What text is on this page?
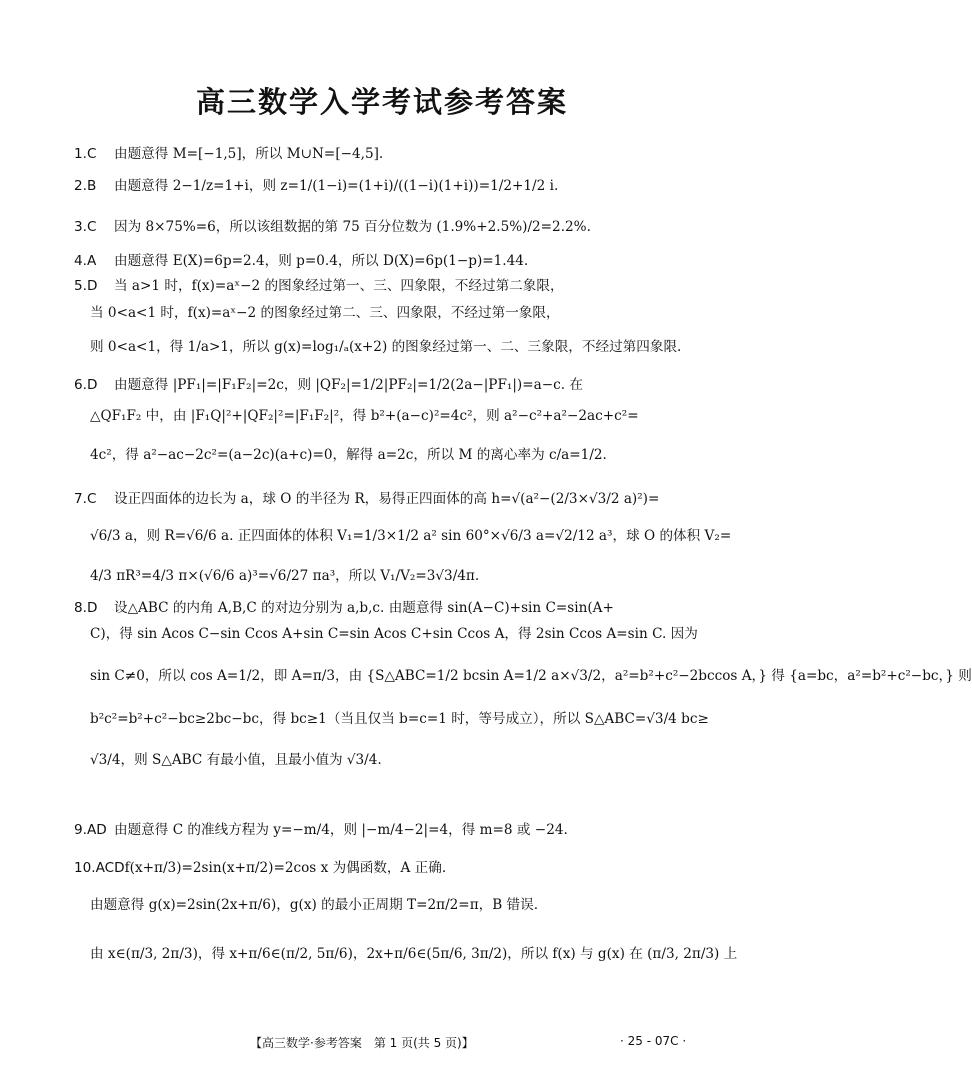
高三数学入学考试参考答案
1.C 由题意得 M=[−1,5]，所以 M∪N=[−4,5].
2.B 由题意得 2−1/z=1+i，则 z=1/(1−i)=(1+i)/((1−i)(1+i))=1/2+1/2 i.
3.C 因为 8×75%=6，所以该组数据的第 75 百分位数为 (1.9%+2.5%)/2=2.2%.
4.A 由题意得 E(X)=6p=2.4，则 p=0.4，所以 D(X)=6p(1−p)=1.44.
5.D 当 a>1 时，f(x)=aˣ−2 的图象经过第一、三、四象限，不经过第二象限，
当 0<a<1 时，f(x)=aˣ−2 的图象经过第二、三、四象限，不经过第一象限，
则 0<a<1，得 1/a>1，所以 g(x)=log₁/ₐ(x+2) 的图象经过第一、二、三象限，不经过第四象限.
6.D 由题意得 |PF₁|=|F₁F₂|=2c，则 |QF₂|=1/2|PF₂|=1/2(2a−|PF₁|)=a−c. 在
△QF₁F₂ 中，由 |F₁Q|²+|QF₂|²=|F₁F₂|²，得 b²+(a−c)²=4c²，则 a²−c²+a²−2ac+c²=
4c²，得 a²−ac−2c²=(a−2c)(a+c)=0，解得 a=2c，所以 M 的离心率为 c/a=1/2.
7.C 设正四面体的边长为 a，球 O 的半径为 R，易得正四面体的高 h=√(a²−(2/3×√3/2 a)²)=
√6/3 a，则 R=√6/6 a. 正四面体的体积 V₁=1/3×1/2 a² sin 60°×√6/3 a=√2/12 a³，球 O 的体积 V₂=
4/3 πR³=4/3 π×(√6/6 a)³=√6/27 πa³，所以 V₁/V₂=3√3/4π.
8.D 设△ABC 的内角 A,B,C 的对边分别为 a,b,c. 由题意得 sin(A−C)+sin C=sin(A+
C)，得 sin Acos C−sin Ccos A+sin C=sin Acos C+sin Ccos A，得 2sin Ccos A=sin C. 因为
sin C≠0，所以 cos A=1/2，即 A=π/3，由 {S△ABC=1/2 bcsin A=1/2 a×√3/2，a²=b²+c²−2bccos A，} 得 {a=bc，a²=b²+c²−bc，} 则
b²c²=b²+c²−bc≥2bc−bc，得 bc≥1（当且仅当 b=c=1 时，等号成立），所以 S△ABC=√3/4 bc≥
√3/4，则 S△ABC 有最小值，且最小值为 √3/4.
9.AD 由题意得 C 的准线方程为 y=−m/4，则 |−m/4−2|=4，得 m=8 或 −24.
10.ACDf(x+π/3)=2sin(x+π/2)=2cos x 为偶函数，A 正确.
由题意得 g(x)=2sin(2x+π/6)，g(x) 的最小正周期 T=2π/2=π，B 错误.
由 x∈(π/3, 2π/3)，得 x+π/6∈(π/2, 5π/6)，2x+π/6∈(5π/6, 3π/2)，所以 f(x) 与 g(x) 在 (π/3, 2π/3) 上
【高三数学·参考答案　第 1 页(共 5 页)】	· 25 - 07C ·
